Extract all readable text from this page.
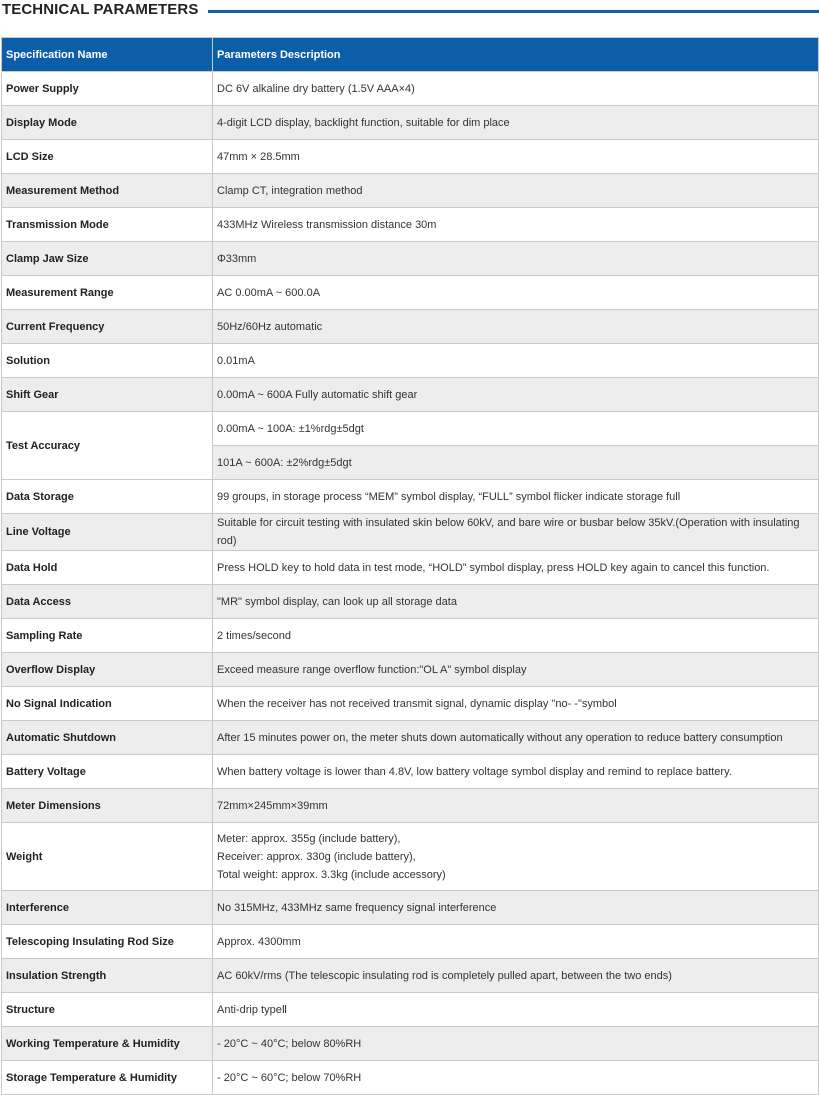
TECHNICAL PARAMETERS
Specification Name	Parameters Description
Power Supply	DC 6V alkaline dry battery (1.5V AAA×4)
Display Mode	4-digit LCD display, backlight function, suitable for dim place
LCD Size	47mm × 28.5mm
Measurement Method	Clamp CT, integration method
Transmission Mode	433MHz Wireless transmission distance 30m
Clamp Jaw Size	Φ33mm
Measurement Range	AC 0.00mA ~ 600.0A
Current Frequency	50Hz/60Hz automatic
Solution	0.01mA
Shift Gear	0.00mA ~ 600A Fully automatic shift gear
Test Accuracy	0.00mA ~ 100A: ±1%rdg±5dgt
	101A ~ 600A: ±2%rdg±5dgt
Data Storage	99 groups, in storage process “MEM” symbol display, “FULL” symbol flicker indicate storage full
Line Voltage	Suitable for circuit testing with insulated skin below 60kV, and bare wire or busbar below 35kV.(Operation with insulating rod)
Data Hold	Press HOLD key to hold data in test mode, “HOLD” symbol display, press HOLD key again to cancel this function.
Data Access	"MR" symbol display, can look up all storage data
Sampling Rate	2 times/second
Overflow Display	Exceed measure range overflow function:"OL A" symbol display
No Signal Indication	When the receiver has not received transmit signal, dynamic display "no- -"symbol
Automatic Shutdown	After 15 minutes power on, the meter shuts down automatically without any operation to reduce battery consumption
Battery Voltage	When battery voltage is lower than 4.8V, low battery voltage symbol display and remind to replace battery.
Meter Dimensions	72mm×245mm×39mm
Weight	Meter: approx. 355g (include battery),
Receiver: approx. 330g (include battery),
Total weight: approx. 3.3kg (include accessory)

Interference	No 315MHz, 433MHz same frequency signal interference
Telescoping Insulating Rod Size	Approx. 4300mm
Insulation Strength	AC 60kV/rms (The telescopic insulating rod is completely pulled apart, between the two ends)
Structure	Anti-drip typeⅡ
Working Temperature & Humidity	- 20°C ~ 40°C; below 80%RH
Storage Temperature & Humidity	- 20°C ~ 60°C; below 70%RH
